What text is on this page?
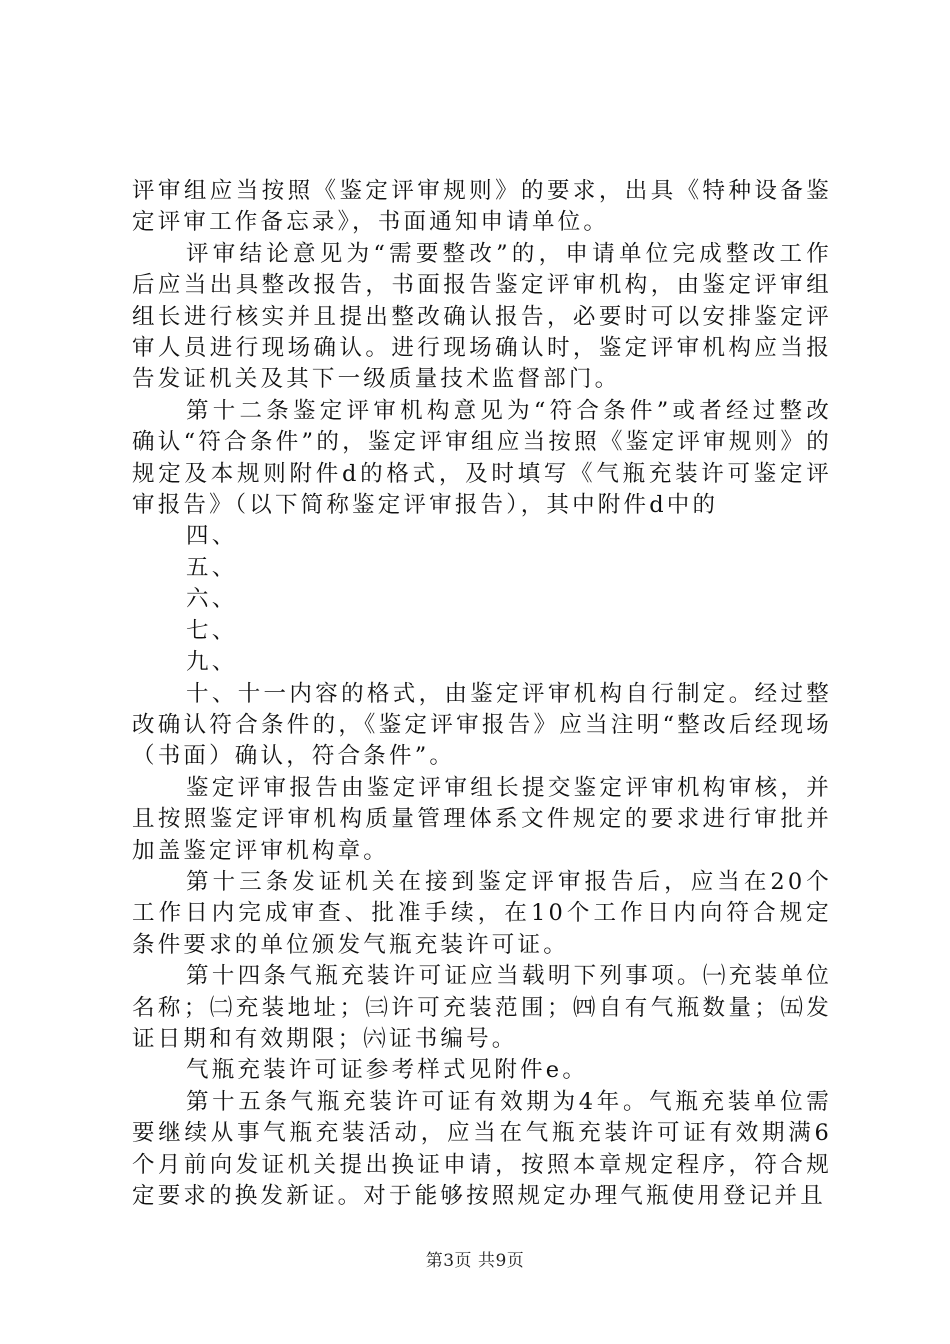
评审组应当按照《鉴定评审规则》的要求，出具《特种设备鉴定评审工作备忘录》，书面通知申请单位。

评审结论意见为“需要整改”的，申请单位完成整改工作后应当出具整改报告，书面报告鉴定评审机构，由鉴定评审组组长进行核实并且提出整改确认报告，必要时可以安排鉴定评审人员进行现场确认。进行现场确认时，鉴定评审机构应当报告发证机关及其下一级质量技术监督部门。

第十二条鉴定评审机构意见为“符合条件”或者经过整改确认“符合条件”的，鉴定评审组应当按照《鉴定评审规则》的规定及本规则附件d的格式，及时填写《气瓶充装许可鉴定评审报告》（以下简称鉴定评审报告），其中附件d中的

四、

五、

六、

七、

九、

十、十一内容的格式，由鉴定评审机构自行制定。经过整改确认符合条件的，《鉴定评审报告》应当注明“整改后经现场（书面）确认，符合条件”。

鉴定评审报告由鉴定评审组长提交鉴定评审机构审核，并且按照鉴定评审机构质量管理体系文件规定的要求进行审批并加盖鉴定评审机构章。

第十三条发证机关在接到鉴定评审报告后，应当在20个工作日内完成审查、批准手续，在10个工作日内向符合规定条件要求的单位颁发气瓶充装许可证。

第十四条气瓶充装许可证应当载明下列事项。㈠充装单位名称；㈡充装地址；㈢许可充装范围；㈣自有气瓶数量；㈤发证日期和有效期限；㈥证书编号。

气瓶充装许可证参考样式见附件e。

第十五条气瓶充装许可证有效期为4年。气瓶充装单位需要继续从事气瓶充装活动，应当在气瓶充装许可证有效期满6个月前向发证机关提出换证申请，按照本章规定程序，符合规定要求的换发新证。对于能够按照规定办理气瓶使用登记并且

第3页 共9页
